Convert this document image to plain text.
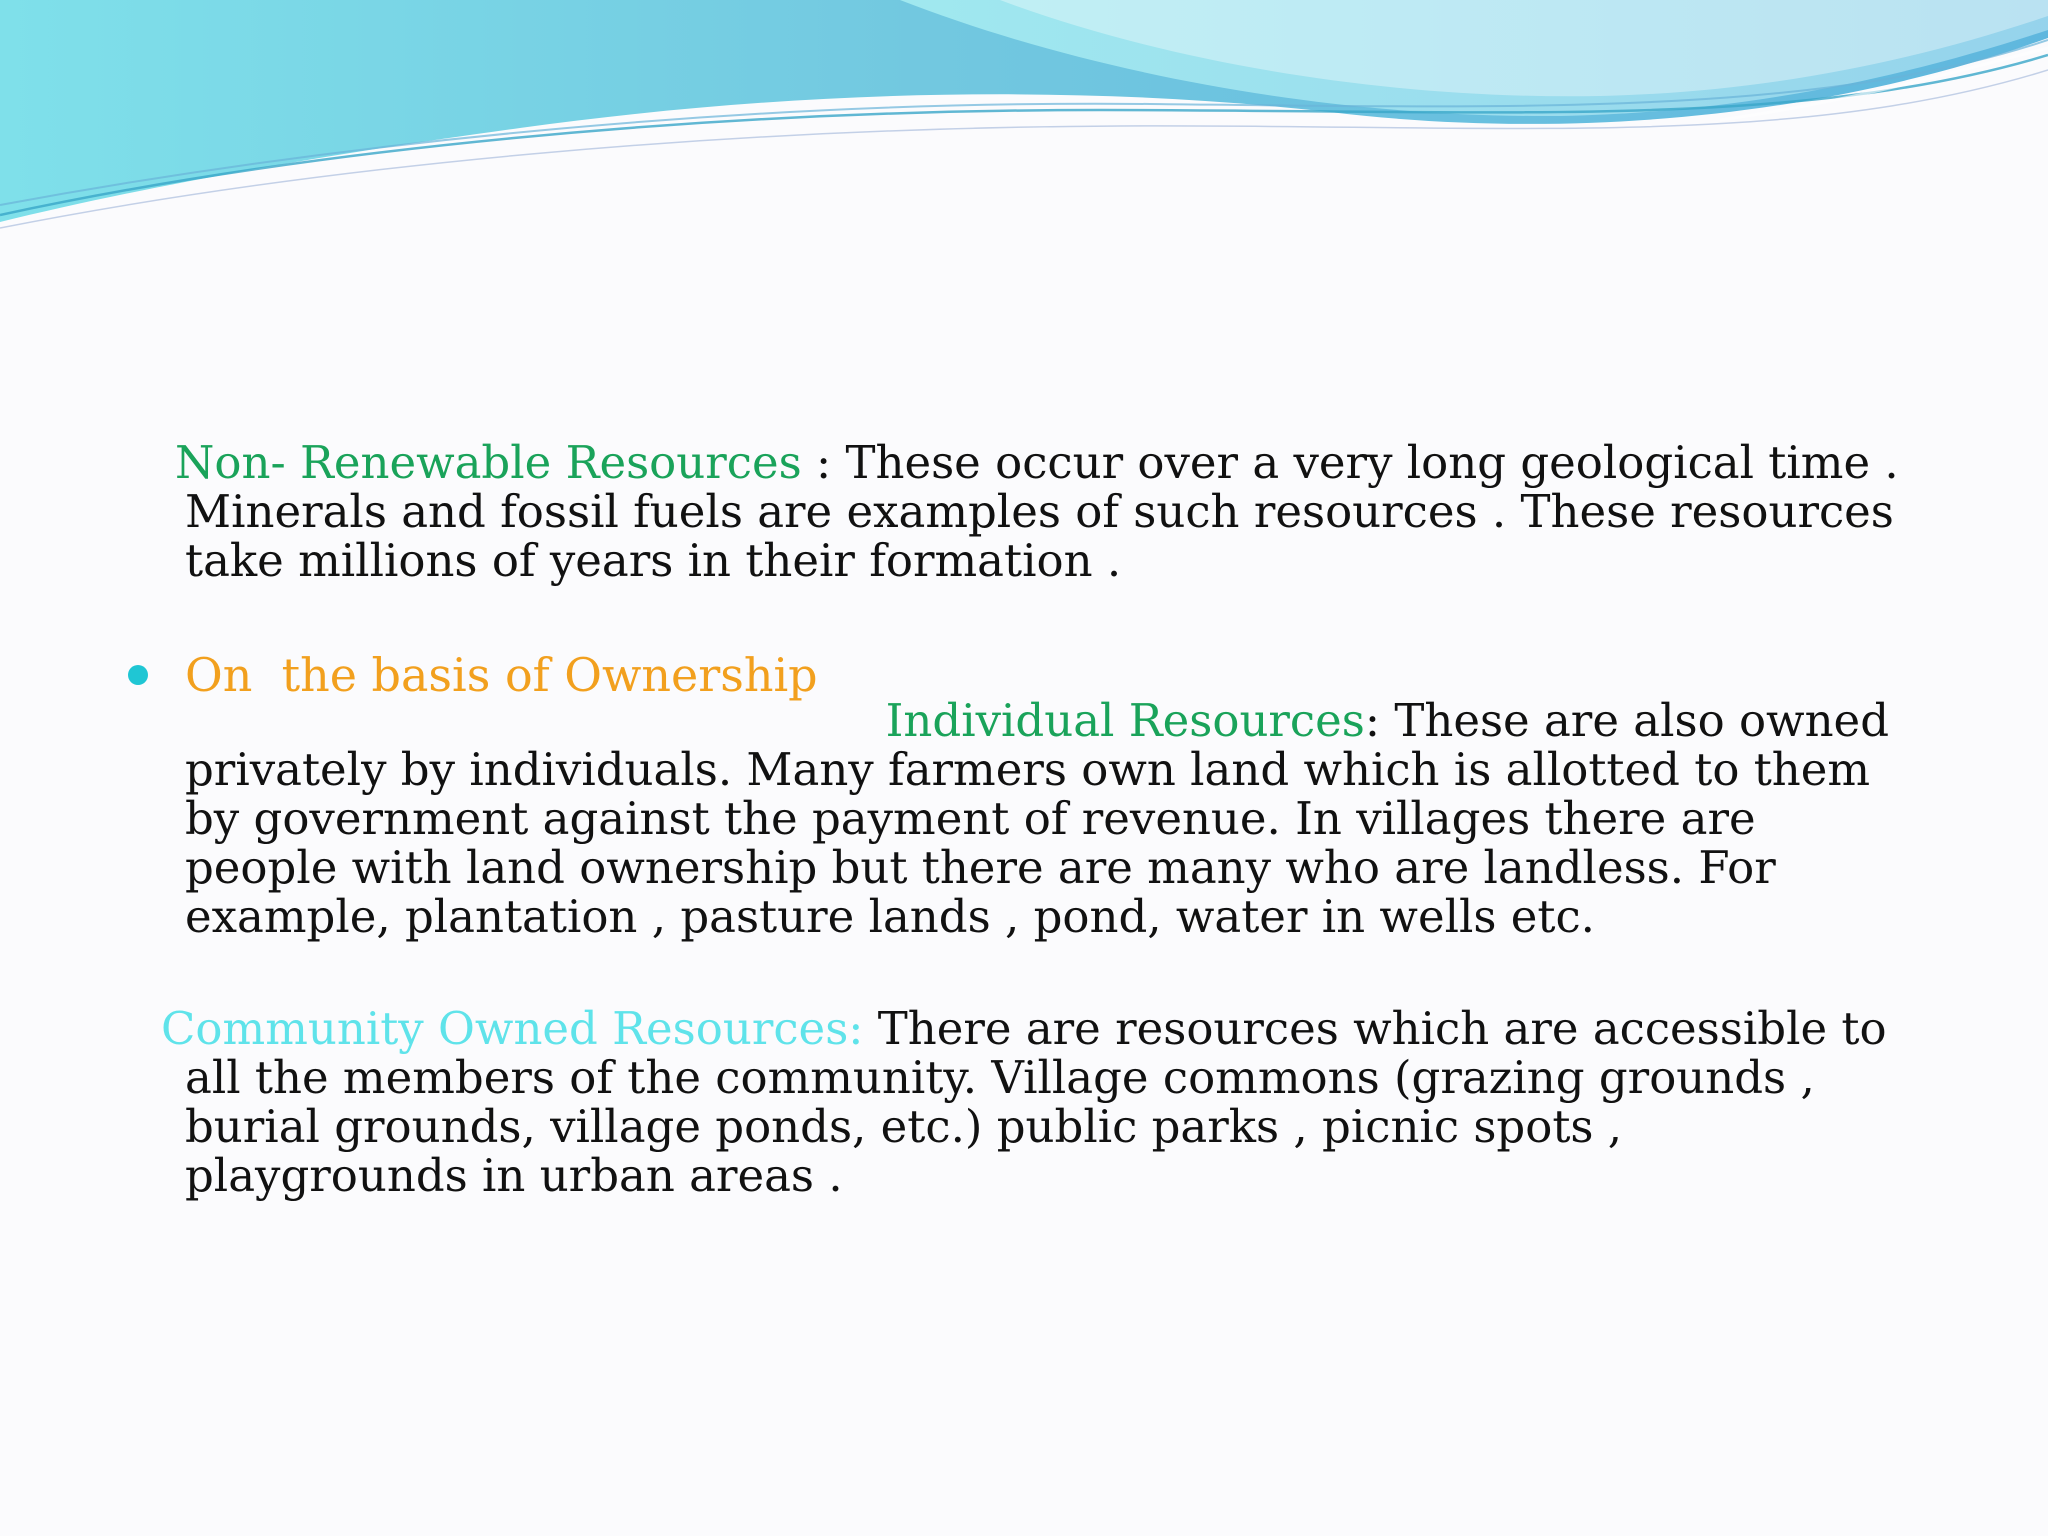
Non- Renewable Resources : These occur over a very long geological time . Minerals and fossil fuels are examples of such resources . These resources take millions of years in their formation .

On  the basis of Ownership

Individual Resources: These are also owned
privately by individuals. Many farmers own land which is allotted to them by government against the payment of revenue. In villages there are people with land ownership but there are many who are landless. For example, plantation , pasture lands , pond, water in wells etc.

Community Owned Resources: There are resources which are accessible to all the members of the community. Village commons (grazing grounds , burial grounds, village ponds, etc.) public parks , picnic spots , playgrounds in urban areas .
